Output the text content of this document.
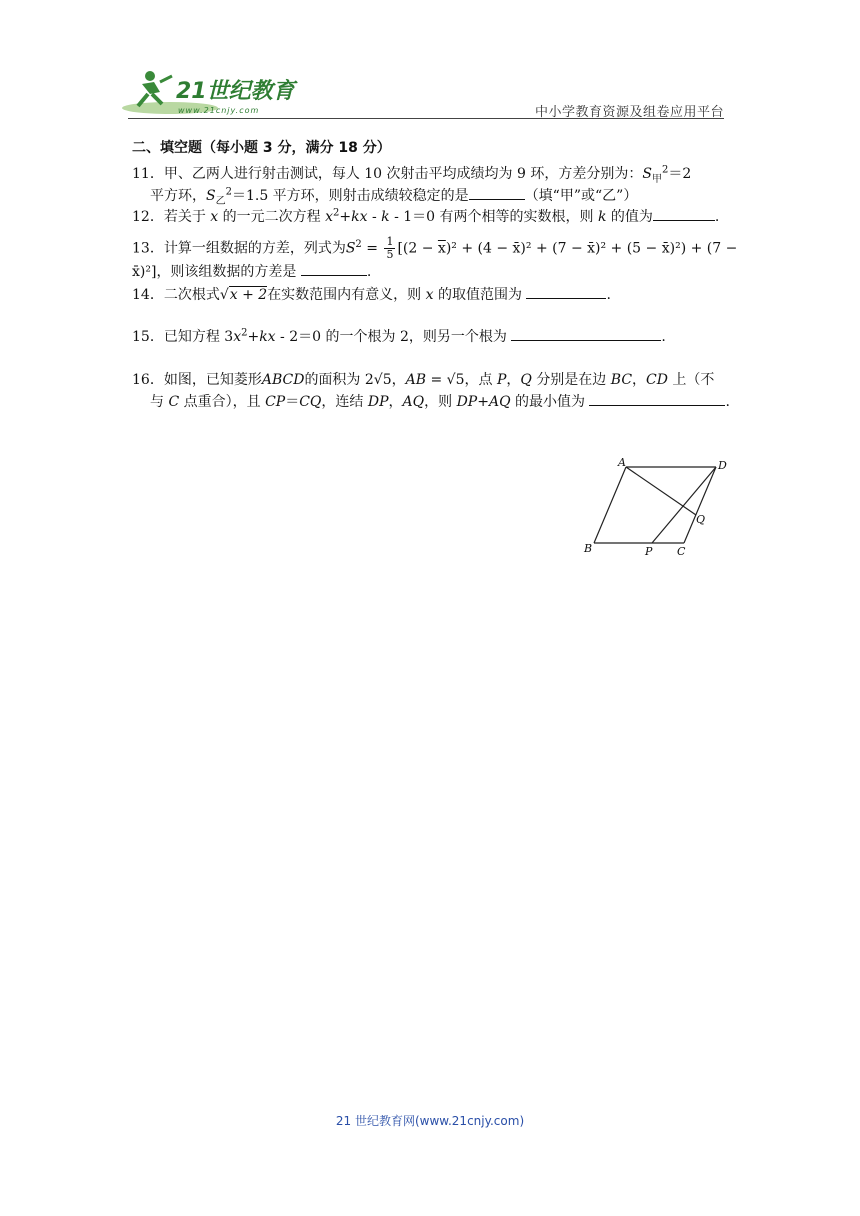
21世纪教育
www.21cnjy.com	中小学教育资源及组卷应用平台
二、填空题（每小题 3 分，满分 18 分）
11．甲、乙两人进行射击测试，每人 10 次射击平均成绩均为 9 环，方差分别为：$S_甲^2=2$
平方环，$S_乙^2=1.5$ 平方环，则射击成绩较稳定的是	（填“甲”或“乙”）
12．若关于 x 的一元二次方程 $x^2+kx - k - 1=0$ 有两个相等的实数根，则 k 的值为	.
13．计算一组数据的方差，列式为$S^2 = \frac{1}{5} [(2 - \overline{x})^2 + (4$ − x̄)² + (7 − x̄)² + (5 − x̄)²) + (7 −
x̄)²]，则该组数据的方差是	.
14．二次根式√x + 2在实数范围内有意义，则 x 的取值范围为	.
15．已知方程 $3x^2+kx - 2=0$ 的一个根为 2，则另一个根为	.
16．如图，已知菱形ABCD的面积为 2√5，AB = √5，点 P，Q 分别是在边 BC，CD 上（不
与 C 点重合），且 CP＝CQ，连结 DP，AQ，则 DP+AQ 的最小值为	.
A	D
B	P C
Q
21 世纪教育网(www.21cnjy.com)
